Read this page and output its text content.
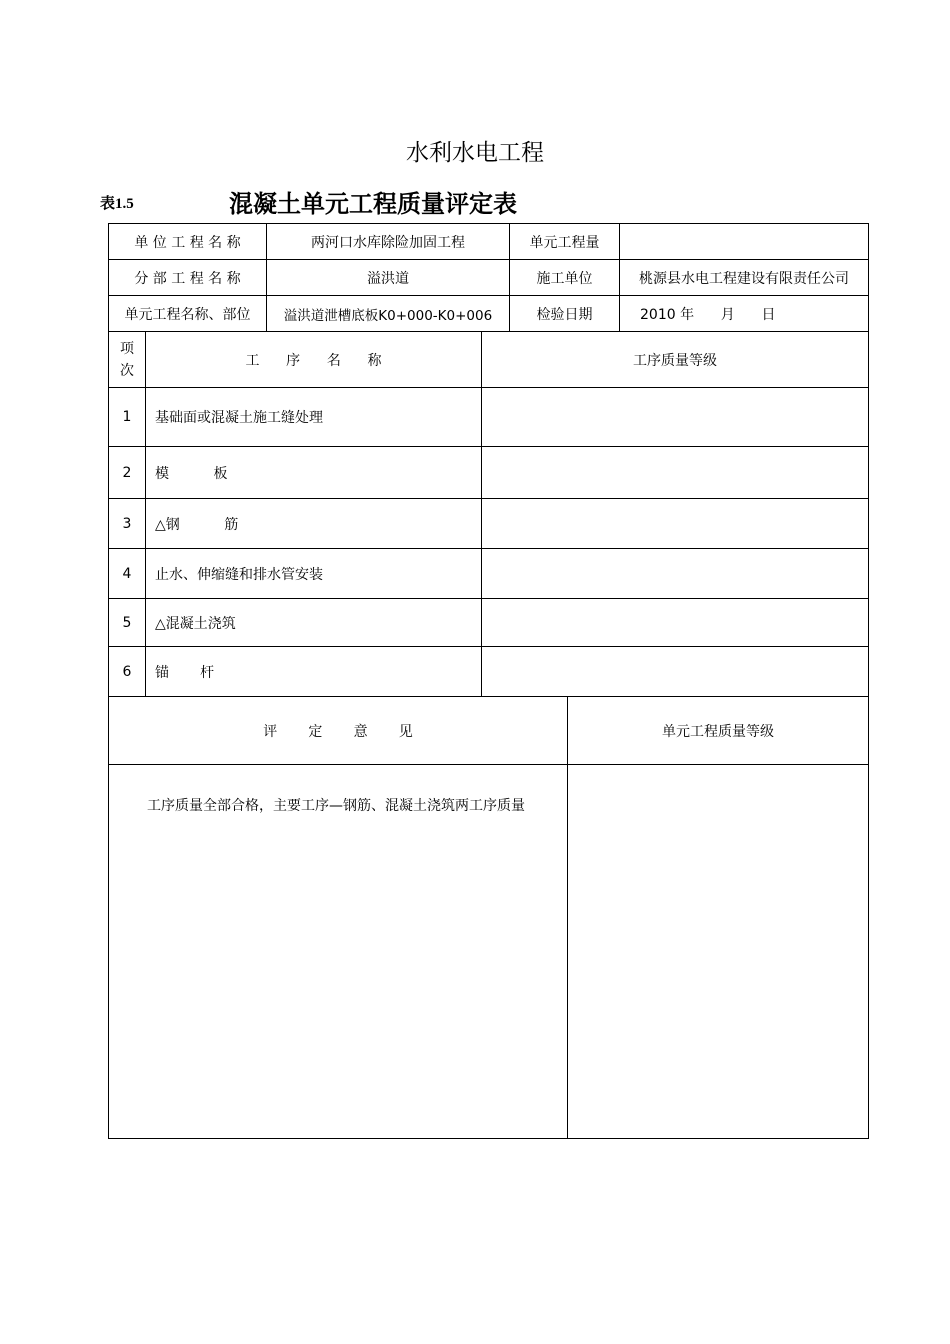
水利水电工程
表1.5	混凝土单元工程质量评定表
单 位 工 程 名 称	两河口水库除险加固工程	单元工程量
分 部 工 程 名 称	溢洪道	施工单位	桃源县水电工程建设有限责任公司
单元工程名称、部位	溢洪道泄槽底板K0+000-K0+006	检验日期	2010 年      月      日
项
次
工      序      名      称	工序质量等级
1	基础面或混凝土施工缝处理
2	模          板
3	△钢          筋
4	止水、伸缩缝和排水管安装
5	△混凝土浇筑
6	锚       杆
评       定       意       见	单元工程质量等级
工序质量全部合格，主要工序—钢筋、混凝土浇筑两工序质量
